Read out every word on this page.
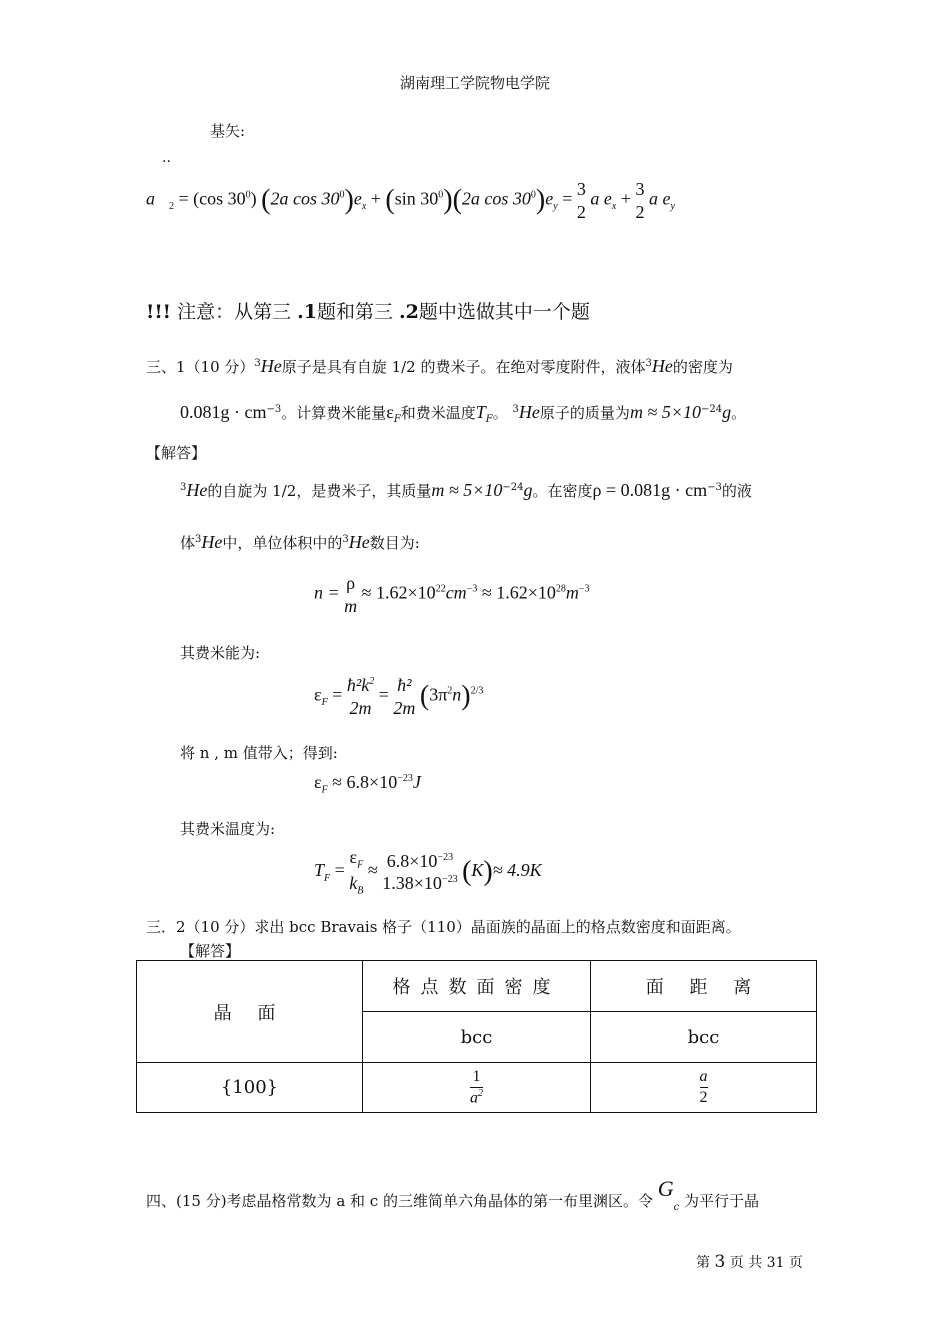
湖南理工学院物电学院
基矢:
..
$a⃗_2 = (\cos$ $30^0$) (2a $\cos 30^0)e_x + (\sin$ $30^0)(2a$ $\cos 30^0)e_y = 3$
2
a $e_x + 3$
2
a $e_y$
!!! 注意：从第三 .1题和第三 .2题中选做其中一个题
三、1（10 分）$^3$He原子是具有自旋 1/2 的费米子。在绝对零度附件，液体$^3$He的密度为
$0.081g \cdot cm^{-3}$。计算费米能量$\varepsilon_F$和费米温度$T_F$。 $^3$He原子的质量为$m \approx 5\times 10^{-24}g$。
【解答】
$^3$He的自旋为 1/2，是费米子，其质量$m \approx 5\times 10^{-24}g$。在密度$\rho = 0.081g \cdot cm^{-3}$的液
体$^3$He中，单位体积中的$^3$He数目为:
n = ρ
m
≈ $1.62\times 10^{22}cm^{-3} \approx 1.62\times 10^{28}m^{-3}$
其费米能为:
$\varepsilon_F$ = $ħ^2k^2$
2m
= ħ²
2m $(3\pi^2n)^{2/3}$
将 n , m 值带入；得到:
$\varepsilon_F \approx 6.8\times 10^{-23}J$
其费米温度为:
$T_F$ =
$\varepsilon_F$
$k_B$
≈ $6.8\times 10^{-23}$
$1.38\times 10^{-23}$ (K)≈ 4.9K
三．2（10 分）求出 bcc Bravais 格子（110）晶面族的晶面上的格点数密度和面距离。
【解答】
晶 面	格点数面密度	面 距 离
	bcc	bcc
{100}	$\frac{1}{a^2}$	$\frac{a}{2}$
四、(15 分)考虑晶格常数为 a 和 c 的三维简单六角晶体的第一布里渊区。令 $G_c$ 为平行于晶
第 3 页 共 31 页
